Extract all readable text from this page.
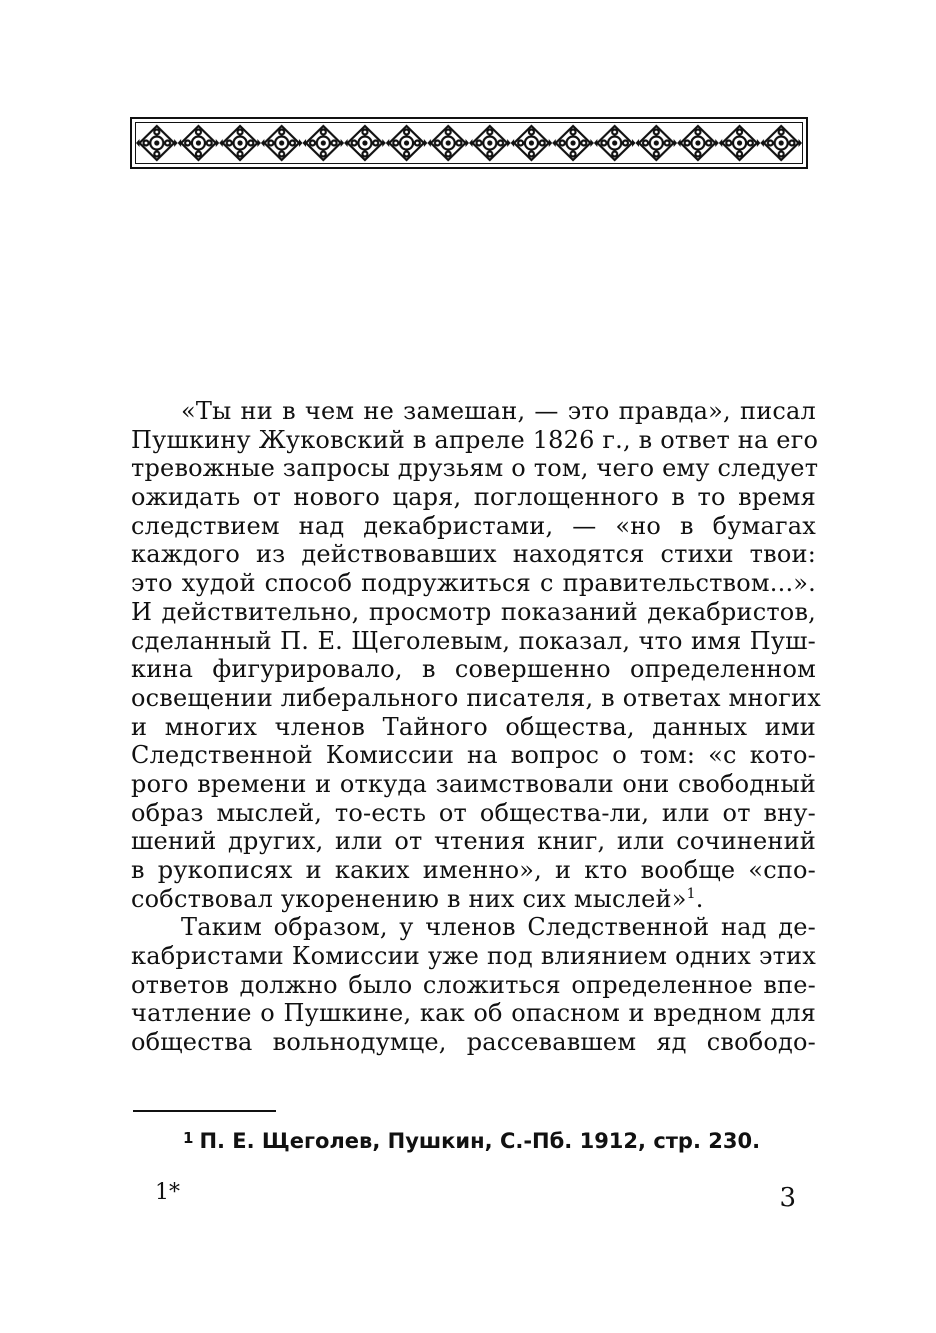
«Ты ни в чем не замешан, — это правда», писал
Пушкину Жуковский в апреле 1826 г., в ответ на его
тревожные запросы друзьям о том, чего ему следует
ожидать от нового царя, поглощенного в то время
следствием над декабристами, — «но в бумагах
каждого из действовавших находятся стихи твои:
это худой способ подружиться с правительством...».
И действительно, просмотр показаний декабристов,
сделанный П. Е. Щеголевым, показал, что имя Пуш-
кина фигурировало, в совершенно определенном
освещении либерального писателя, в ответах многих
и многих членов Тайного общества, данных ими
Следственной Комиссии на вопрос о том: «с кото-
рого времени и откуда заимствовали они свободный
образ мыслей, то-есть от общества-ли, или от вну-
шений других, или от чтения книг, или сочинений
в рукописях и каких именно», и кто вообще «спо-
собствовал укоренению в них сих мыслей»$^1$.
Таким образом, у членов Следственной над де-
кабристами Комиссии уже под влиянием одних этих
ответов должно было сложиться определенное впе-
чатление о Пушкине, как об опасном и вредном для
общества вольнодумце, рассевавшем яд свободо-

$^1$ П. Е. Щеголев, Пушкин, С.-Пб. 1912, стр. 230.

1*	3
